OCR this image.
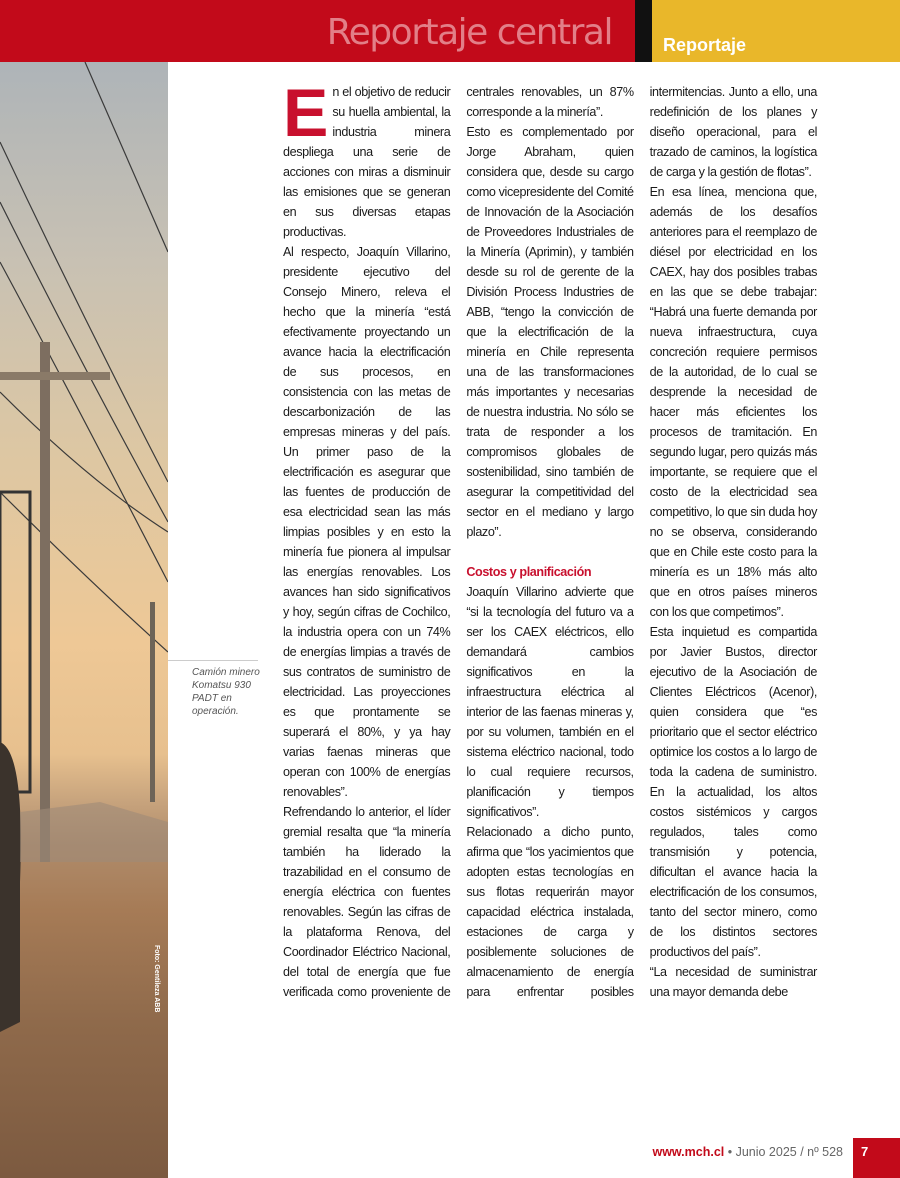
Reportaje central	Reportaje
Foto: Gentileza ABB
Camión minero Komatsu 930 PADT en operación.

En el objetivo de reducir su huella ambiental, la industria minera despliega una serie de acciones con miras a disminuir las emisiones que se generan en sus diversas etapas productivas.

Al respecto, Joaquín Villarino, presidente ejecutivo del Consejo Minero, releva el hecho que la minería “está efectivamente proyectando un avance hacia la electrificación de sus procesos, en consistencia con las metas de descarbonización de las empresas mineras y del país. Un primer paso de la electrificación es asegurar que las fuentes de producción de esa electricidad sean las más limpias posibles y en esto la minería fue pionera al impulsar las energías renovables. Los avances han sido significativos y hoy, según cifras de Cochilco, la industria opera con un 74% de energías limpias a través de sus contratos de suministro de electricidad. Las proyecciones es que prontamente se superará el 80%, y ya hay varias faenas mineras que operan con 100% de energías renovables”.

Refrendando lo anterior, el líder gremial resalta que “la minería también ha liderado la trazabilidad en el consumo de energía eléctrica con fuentes renovables. Según las cifras de la plataforma Renova, del Coordinador Eléctrico Nacional, del total de energía que fue verificada como proveniente de centrales renovables, un 87% corresponde a la minería”.

Esto es complementado por Jorge Abraham, quien considera que, desde su cargo como vicepresidente del Comité de Innovación de la Asociación de Proveedores Industriales de la Minería (Aprimin), y también desde su rol de gerente de la División Process Industries de ABB, “tengo la convicción de que la electrificación de la minería en Chile representa una de las transformaciones más importantes y necesarias de nuestra industria. No sólo se trata de responder a los compromisos globales de sostenibilidad, sino también de asegurar la competitividad del sector en el mediano y largo plazo”.

Costos y planificación

Joaquín Villarino advierte que “si la tecnología del futuro va a ser los CAEX eléctricos, ello demandará cambios significativos en la infraestructura eléctrica al interior de las faenas mineras y, por su volumen, también en el sistema eléctrico nacional, todo lo cual requiere recursos, planificación y tiempos significativos”.

Relacionado a dicho punto, afirma que “los yacimientos que adopten estas tecnologías en sus flotas requerirán mayor capacidad eléctrica instalada, estaciones de carga y posiblemente soluciones de almacenamiento de energía para enfrentar posibles intermitencias. Junto a ello, una redefinición de los planes y diseño operacional, para el trazado de caminos, la logística de carga y la gestión de flotas”.

En esa línea, menciona que, además de los desafíos anteriores para el reemplazo de diésel por electricidad en los CAEX, hay dos posibles trabas en las que se debe trabajar: “Habrá una fuerte demanda por nueva infraestructura, cuya concreción requiere permisos de la autoridad, de lo cual se desprende la necesidad de hacer más eficientes los procesos de tramitación. En segundo lugar, pero quizás más importante, se requiere que el costo de la electricidad sea competitivo, lo que sin duda hoy no se observa, considerando que en Chile este costo para la minería es un 18% más alto que en otros países mineros con los que competimos”.

Esta inquietud es compartida por Javier Bustos, director ejecutivo de la Asociación de Clientes Eléctricos (Acenor), quien considera que “es prioritario que el sector eléctrico optimice los costos a lo largo de toda la cadena de suministro. En la actualidad, los altos costos sistémicos y cargos regulados, tales como transmisión y potencia, dificultan el avance hacia la electrificación de los consumos, tanto del sector minero, como de los distintos sectores productivos del país”.

“La necesidad de suministrar una mayor demanda debe

www.mch.cl • Junio 2025 / nº 528 7
